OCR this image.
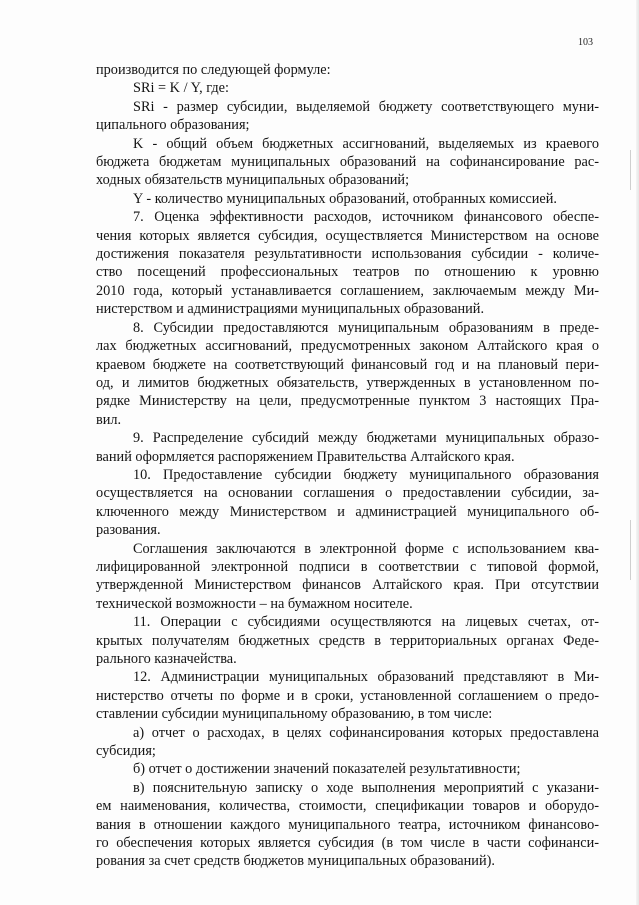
103
производится по следующей формуле:
SRi = K / Y, где:
SRi - размер субсидии, выделяемой бюджету соответствующего муни-
ципального образования;
K - общий объем бюджетных ассигнований, выделяемых из краевого
бюджета бюджетам муниципальных образований на софинансирование рас-
ходных обязательств муниципальных образований;
Y - количество муниципальных образований, отобранных комиссией.
7. Оценка эффективности расходов, источником финансового обеспе-
чения которых является субсидия, осуществляется Министерством на основе
достижения показателя результативности использования субсидии - количе-
ство посещений профессиональных театров по отношению к уровню
2010 года, который устанавливается соглашением, заключаемым между Ми-
нистерством и администрациями муниципальных образований.
8. Субсидии предоставляются муниципальным образованиям в преде-
лах бюджетных ассигнований, предусмотренных законом Алтайского края о
краевом бюджете на соответствующий финансовый год и на плановый пери-
од, и лимитов бюджетных обязательств, утвержденных в установленном по-
рядке Министерству на цели, предусмотренные пунктом 3 настоящих Пра-
вил.
9. Распределение субсидий между бюджетами муниципальных образо-
ваний оформляется распоряжением Правительства Алтайского края.
10. Предоставление субсидии бюджету муниципального образования
осуществляется на основании соглашения о предоставлении субсидии, за-
ключенного между Министерством и администрацией муниципального об-
разования.
Соглашения заключаются в электронной форме с использованием ква-
лифицированной электронной подписи в соответствии с типовой формой,
утвержденной Министерством финансов Алтайского края. При отсутствии
технической возможности – на бумажном носителе.
11. Операции с субсидиями осуществляются на лицевых счетах, от-
крытых получателям бюджетных средств в территориальных органах Феде-
рального казначейства.
12. Администрации муниципальных образований представляют в Ми-
нистерство отчеты по форме и в сроки, установленной соглашением о предо-
ставлении субсидии муниципальному образованию, в том числе:
а) отчет о расходах, в целях софинансирования которых предоставлена
субсидия;
б) отчет о достижении значений показателей результативности;
в) пояснительную записку о ходе выполнения мероприятий с указани-
ем наименования, количества, стоимости, спецификации товаров и оборудо-
вания в отношении каждого муниципального театра, источником финансово-
го обеспечения которых является субсидия (в том числе в части софинанси-
рования за счет средств бюджетов муниципальных образований).
